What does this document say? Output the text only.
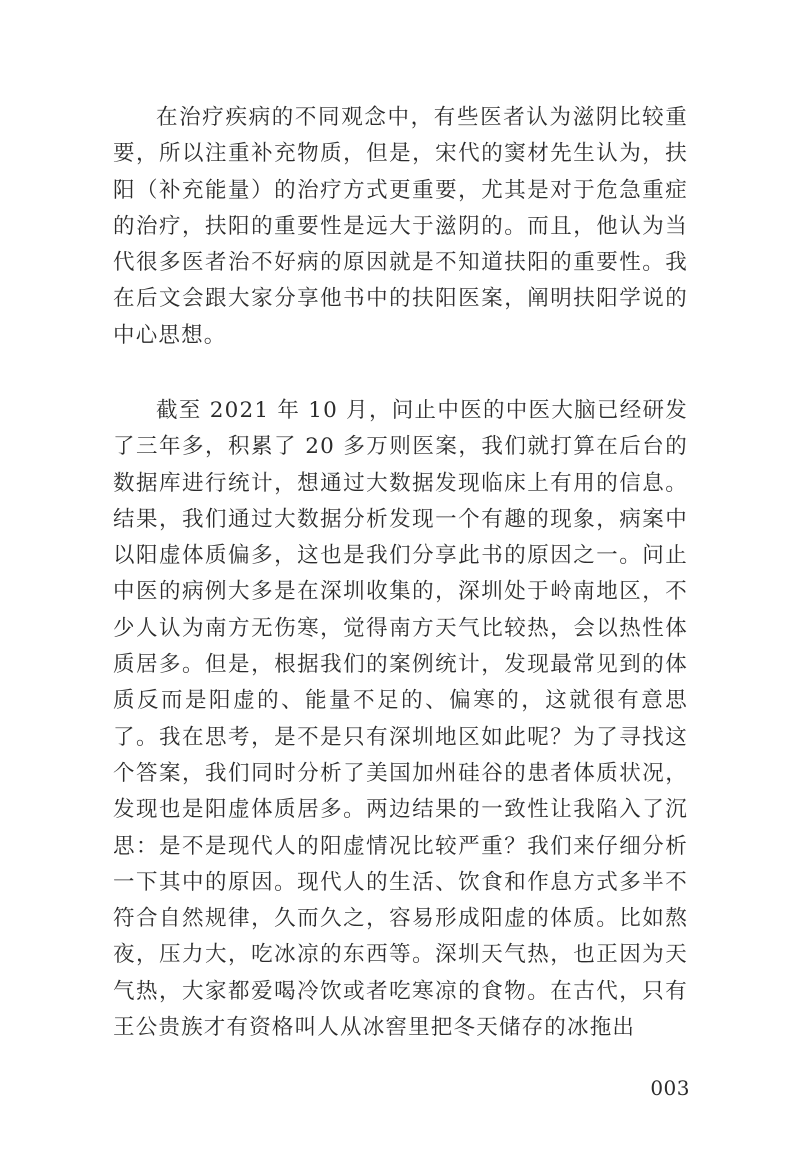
在治疗疾病的不同观念中，有些医者认为滋阴比较重要，所以注重补充物质，但是，宋代的窦材先生认为，扶阳（补充能量）的治疗方式更重要，尤其是对于危急重症的治疗，扶阳的重要性是远大于滋阴的。而且，他认为当代很多医者治不好病的原因就是不知道扶阳的重要性。我在后文会跟大家分享他书中的扶阳医案，阐明扶阳学说的中心思想。

截至 2021 年 10 月，问止中医的中医大脑已经研发了三年多，积累了 20 多万则医案，我们就打算在后台的数据库进行统计，想通过大数据发现临床上有用的信息。结果，我们通过大数据分析发现一个有趣的现象，病案中以阳虚体质偏多，这也是我们分享此书的原因之一。问止中医的病例大多是在深圳收集的，深圳处于岭南地区，不少人认为南方无伤寒，觉得南方天气比较热，会以热性体质居多。但是，根据我们的案例统计，发现最常见到的体质反而是阳虚的、能量不足的、偏寒的，这就很有意思了。我在思考，是不是只有深圳地区如此呢？为了寻找这个答案，我们同时分析了美国加州硅谷的患者体质状况，发现也是阳虚体质居多。两边结果的一致性让我陷入了沉思：是不是现代人的阳虚情况比较严重？我们来仔细分析一下其中的原因。现代人的生活、饮食和作息方式多半不符合自然规律，久而久之，容易形成阳虚的体质。比如熬夜，压力大，吃冰凉的东西等。深圳天气热，也正因为天气热，大家都爱喝冷饮或者吃寒凉的食物。在古代，只有王公贵族才有资格叫人从冰窖里把冬天储存的冰拖出

003
